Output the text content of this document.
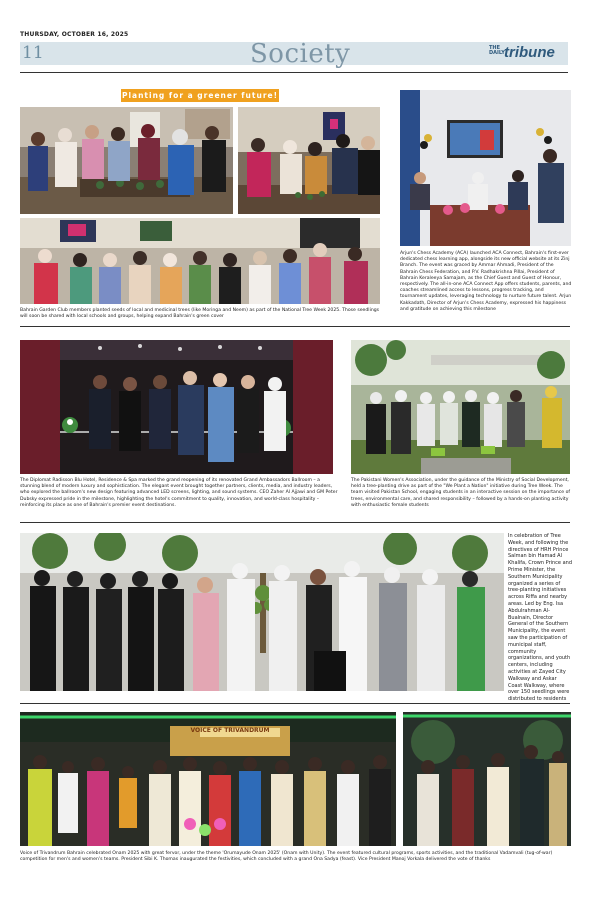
THURSDAY, OCTOBER 16, 2025
11	Society	THE DAILY tribune
Planting for a greener future!
Bahrain Garden Club members planted seeds of local and medicinal trees (like Moringa and Neem) as part of the National Tree Week 2025. Those seedlings will soon be shared with local schools and groups, helping expand Bahrain's green cover
Arjun's Chess Academy (ACA) launched ACA Connect, Bahrain's first-ever dedicated chess learning app, alongside its new official website at its Zinj Branch. The event was graced by Ammar Ahmadi, President of the Bahrain Chess Federation, and P.V. Radhakrishna Pillai, President of Bahrain Keraleeya Samajam, as the Chief Guest and Guest of Honour, respectively. The all-in-one ACA Connect App offers students, parents, and coaches streamlined access to lessons, progress tracking, and tournament updates, leveraging technology to nurture future talent. Arjun Kakkadath, Director of Arjun's Chess Academy, expressed his happiness and gratitude on achieving this milestone
The Diplomat Radisson Blu Hotel, Residence & Spa marked the grand reopening of its renovated Grand Ambassadors Ballroom – a stunning blend of modern luxury and sophistication. The elegant event brought together partners, clients, media, and industry leaders, who explored the ballroom's new design featuring advanced LED screens, lighting, and sound systems. CEO Zaher Al Ajjawi and GM Peter Dubsky expressed pride in the milestone, highlighting the hotel's commitment to quality, innovation, and world-class hospitality – reinforcing its place as one of Bahrain's premier event destinations.
The Pakistani Women's Association, under the guidance of the Ministry of Social Development, held a tree-planting drive as part of the "We Plant a Nation" initiative during Tree Week. The team visited Pakistan School, engaging students in an interactive session on the importance of trees, environmental care, and shared responsibility – followed by a hands-on planting activity with enthusiastic female students
In celebration of Tree Week, and following the directives of HRH Prince Salman bin Hamad Al Khalifa, Crown Prince and Prime Minister, the Southern Municipality organized a series of tree-planting initiatives across Riffa and nearby areas. Led by Eng. Isa Abdulrahman Al-Bualnain, Director General of the Southern Municipality, the event saw the participation of municipal staff, community organizations, and youth centers, including activities at Zayed City Walkway and Askar Coast Walkway, where over 150 seedlings were distributed to residents
VOICE OF TRIVANDRUM
Voice of Trivandrum Bahrain celebrated Onam 2025 with great fervor, under the theme 'Orumayude Onam 2025' (Onam with Unity). The event featured cultural programs, sports activities, and the traditional Vadamvali (tug-of-war) competition for men's and women's teams. President Sibi K. Thomas inaugurated the festivities, which concluded with a grand Ona Sadya (feast). Vice President Manoj Vorkala delivered the vote of thanks
